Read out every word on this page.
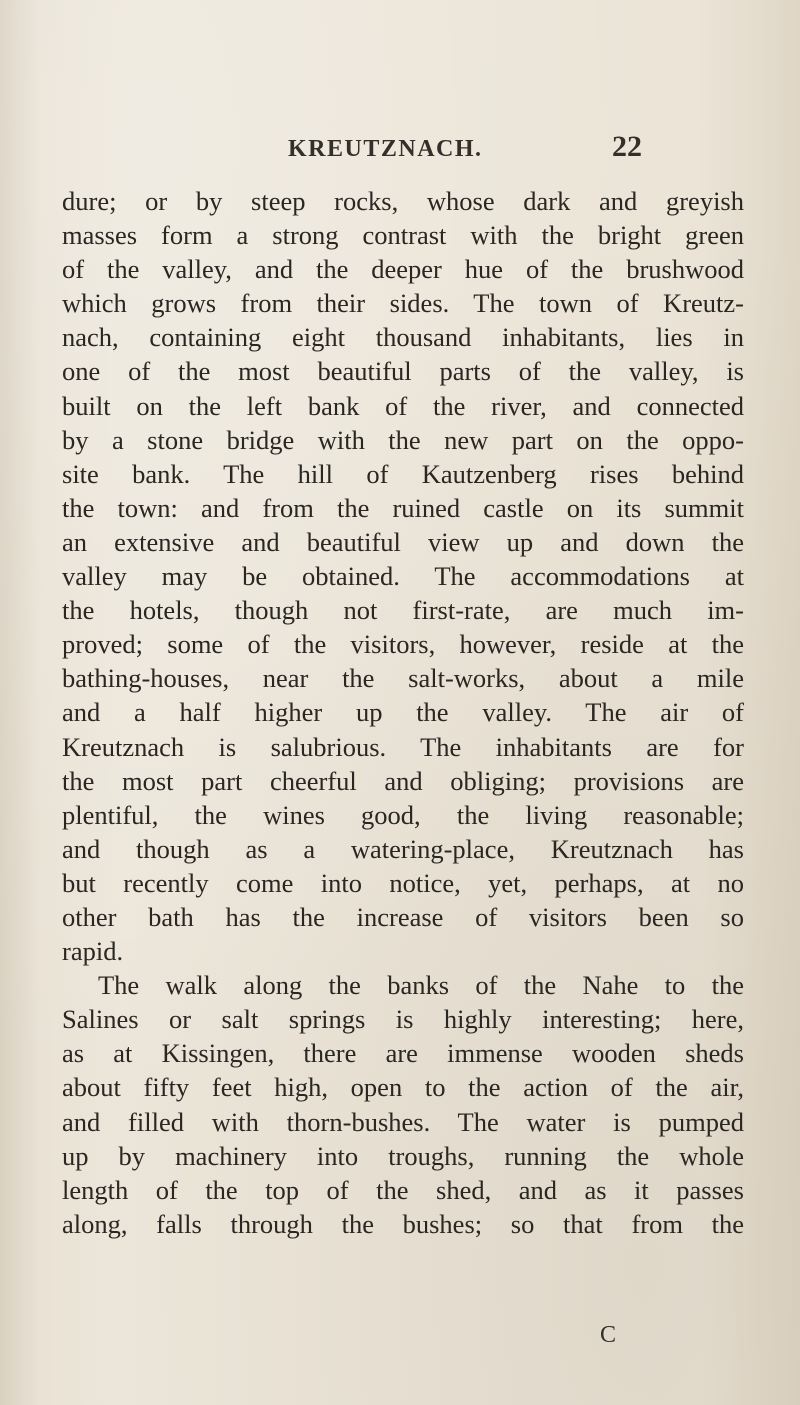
KREUTZNACH.	22
dure; or by steep rocks, whose dark and greyish
masses form a strong contrast with the bright green
of the valley, and the deeper hue of the brushwood
which grows from their sides. The town of Kreutz-
nach, containing eight thousand inhabitants, lies in
one of the most beautiful parts of the valley, is
built on the left bank of the river, and connected
by a stone bridge with the new part on the oppo-
site bank. The hill of Kautzenberg rises behind
the town: and from the ruined castle on its summit
an extensive and beautiful view up and down the
valley may be obtained. The accommodations at
the hotels, though not first-rate, are much im-
proved; some of the visitors, however, reside at the
bathing-houses, near the salt-works, about a mile
and a half higher up the valley. The air of
Kreutznach is salubrious. The inhabitants are for
the most part cheerful and obliging; provisions are
plentiful, the wines good, the living reasonable;
and though as a watering-place, Kreutznach has
but recently come into notice, yet, perhaps, at no
other bath has the increase of visitors been so
rapid.
The walk along the banks of the Nahe to the
Salines or salt springs is highly interesting; here,
as at Kissingen, there are immense wooden sheds
about fifty feet high, open to the action of the air,
and filled with thorn-bushes. The water is pumped
up by machinery into troughs, running the whole
length of the top of the shed, and as it passes
along, falls through the bushes; so that from the
C
